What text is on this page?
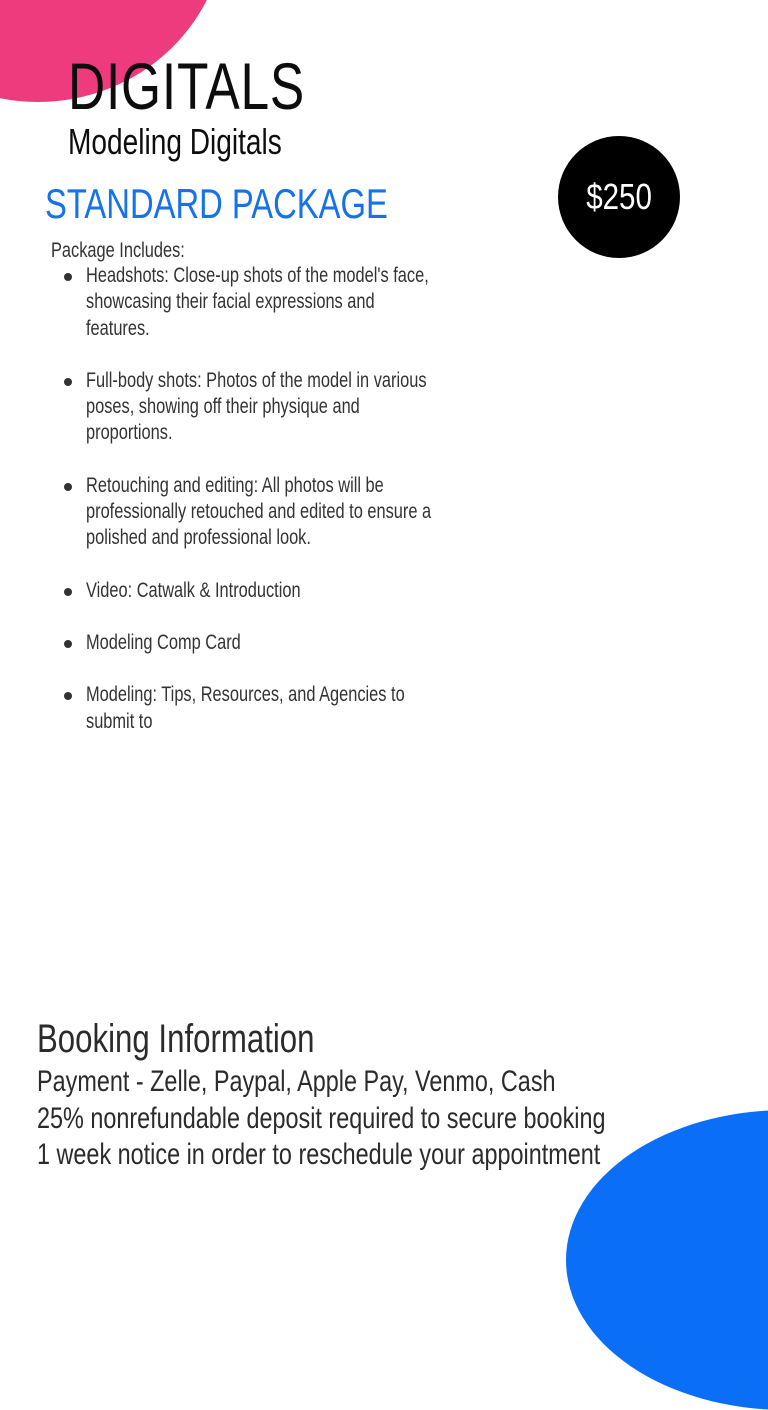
DIGITALS
Modeling Digitals
STANDARD PACKAGE	$250
Package Includes:
Headshots: Close-up shots of the model's face,
showcasing their facial expressions and
features.
Full-body shots: Photos of the model in various
poses, showing off their physique and
proportions.
Retouching and editing: All photos will be
professionally retouched and edited to ensure a
polished and professional look.
Video: Catwalk & Introduction
Modeling Comp Card
Modeling: Tips, Resources, and Agencies to
submit to
Booking Information
Payment - Zelle, Paypal, Apple Pay, Venmo, Cash
25% nonrefundable deposit required to secure booking
1 week notice in order to reschedule your appointment
